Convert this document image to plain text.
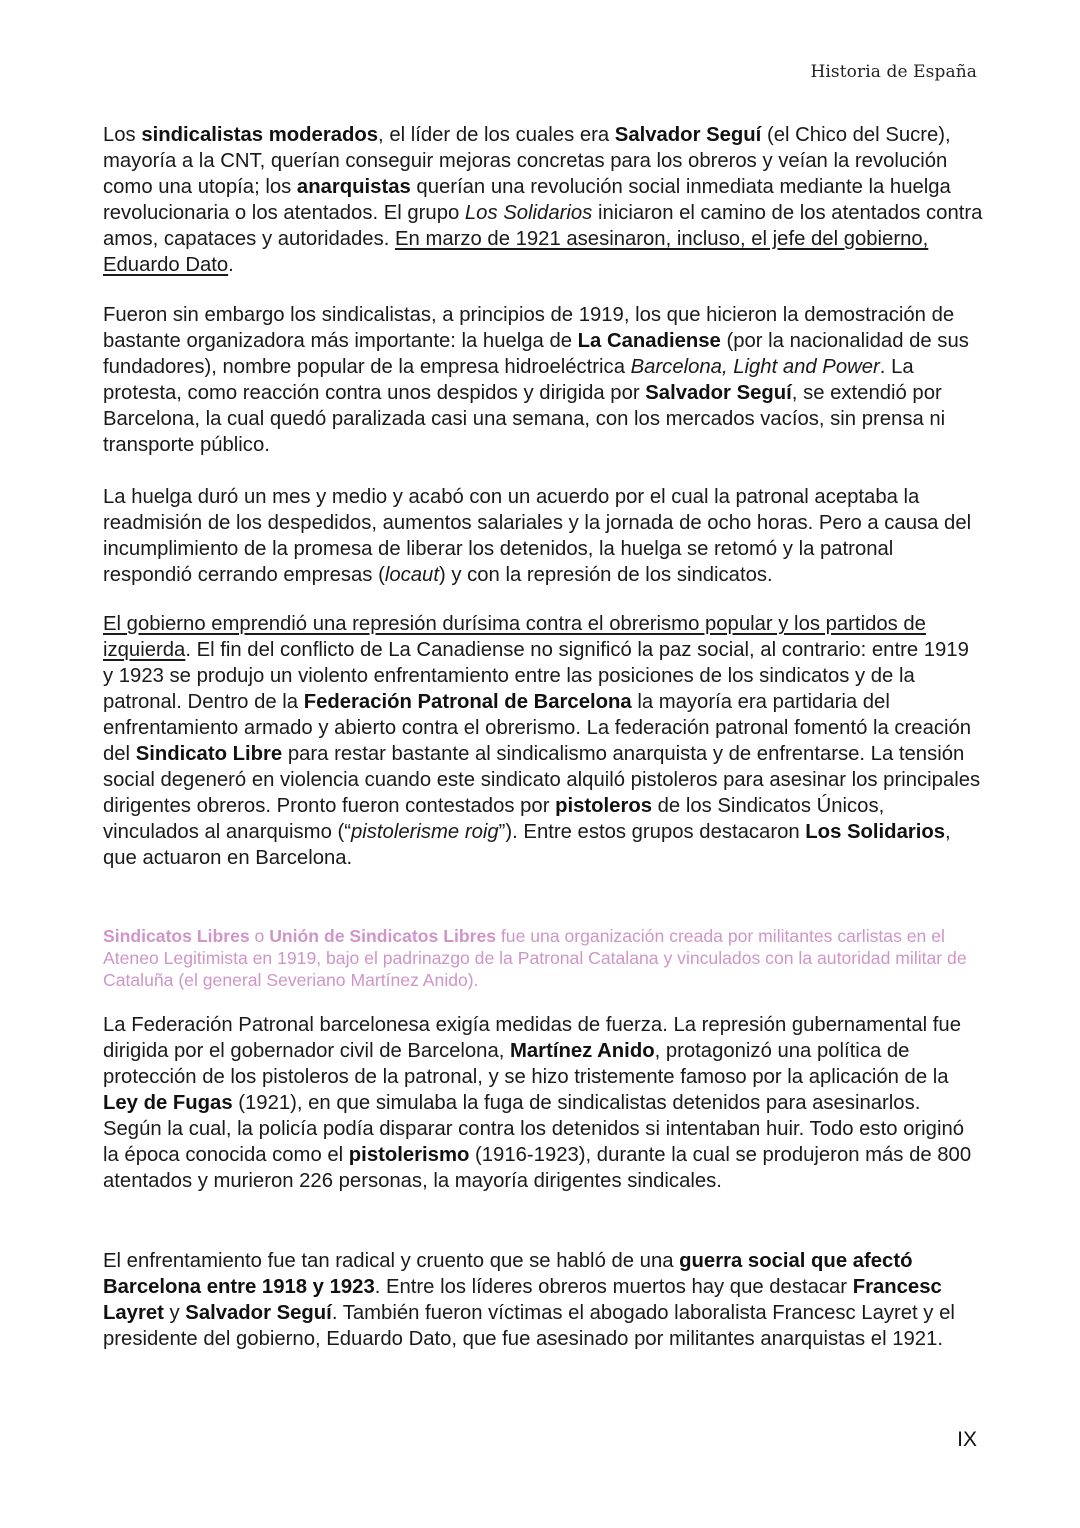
Historia de España

Los sindicalistas moderados, el líder de los cuales era Salvador Seguí (el Chico del Sucre), mayoría a la CNT, querían conseguir mejoras concretas para los obreros y veían la revolución como una utopía; los anarquistas querían una revolución social inmediata mediante la huelga revolucionaria o los atentados. El grupo Los Solidarios iniciaron el camino de los atentados contra amos, capataces y autoridades. En marzo de 1921 asesinaron, incluso, el jefe del gobierno, Eduardo Dato.

Fueron sin embargo los sindicalistas, a principios de 1919, los que hicieron la demostración de bastante organizadora más importante: la huelga de La Canadiense (por la nacionalidad de sus fundadores), nombre popular de la empresa hidroeléctrica Barcelona, Light and Power. La protesta, como reacción contra unos despidos y dirigida por Salvador Seguí, se extendió por Barcelona, la cual quedó paralizada casi una semana, con los mercados vacíos, sin prensa ni transporte público.

La huelga duró un mes y medio y acabó con un acuerdo por el cual la patronal aceptaba la readmisión de los despedidos, aumentos salariales y la jornada de ocho horas. Pero a causa del incumplimiento de la promesa de liberar los detenidos, la huelga se retomó y la patronal respondió cerrando empresas (locaut) y con la represión de los sindicatos.

El gobierno emprendió una represión durísima contra el obrerismo popular y los partidos de izquierda. El fin del conflicto de La Canadiense no significó la paz social, al contrario: entre 1919 y 1923 se produjo un violento enfrentamiento entre las posiciones de los sindicatos y de la patronal. Dentro de la Federación Patronal de Barcelona la mayoría era partidaria del enfrentamiento armado y abierto contra el obrerismo. La federación patronal fomentó la creación del Sindicato Libre para restar bastante al sindicalismo anarquista y de enfrentarse. La tensión social degeneró en violencia cuando este sindicato alquiló pistoleros para asesinar los principales dirigentes obreros. Pronto fueron contestados por pistoleros de los Sindicatos Únicos, vinculados al anarquismo (“pistolerisme roig”). Entre estos grupos destacaron Los Solidarios, que actuaron en Barcelona.

Sindicatos Libres o Unión de Sindicatos Libres fue una organización creada por militantes carlistas en el Ateneo Legitimista en 1919, bajo el padrinazgo de la Patronal Catalana y vinculados con la autoridad militar de Cataluña (el general Severiano Martínez Anido).

La Federación Patronal barcelonesa exigía medidas de fuerza. La represión gubernamental fue dirigida por el gobernador civil de Barcelona, Martínez Anido, protagonizó una política de protección de los pistoleros de la patronal, y se hizo tristemente famoso por la aplicación de la Ley de Fugas (1921), en que simulaba la fuga de sindicalistas detenidos para asesinarlos. Según la cual, la policía podía disparar contra los detenidos si intentaban huir. Todo esto originó la época conocida como el pistolerismo (1916-1923), durante la cual se produjeron más de 800 atentados y murieron 226 personas, la mayoría dirigentes sindicales.

El enfrentamiento fue tan radical y cruento que se habló de una guerra social que afectó Barcelona entre 1918 y 1923. Entre los líderes obreros muertos hay que destacar Francesc Layret y Salvador Seguí. También fueron víctimas el abogado laboralista Francesc Layret y el presidente del gobierno, Eduardo Dato, que fue asesinado por militantes anarquistas el 1921.

IX
